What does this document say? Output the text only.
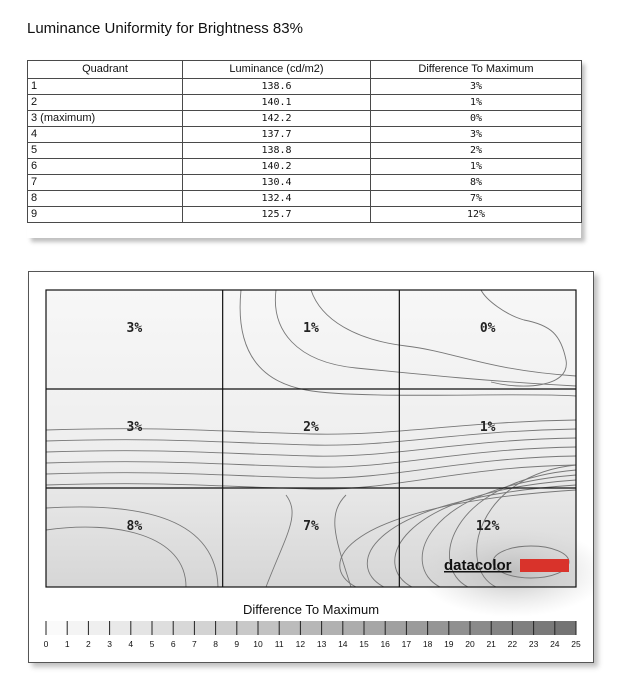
Luminance Uniformity for Brightness 83%
Quadrant	Luminance (cd/m2)	Difference To Maximum
1	138.6	3%
2	140.1	1%
3 (maximum)	142.2	0%
4	137.7	3%
5	138.8	2%
6	140.2	1%
7	130.4	8%
8	132.4	7%
9	125.7	12%
3%	1%	0%
3%	2%	1%
8%	7%	12%
datacolor
Difference To Maximum
0 1 2 3 4 5 6 7 8 9 10 11 12 13 14 15 16 17 18 19 20 21 22 23 24 25
